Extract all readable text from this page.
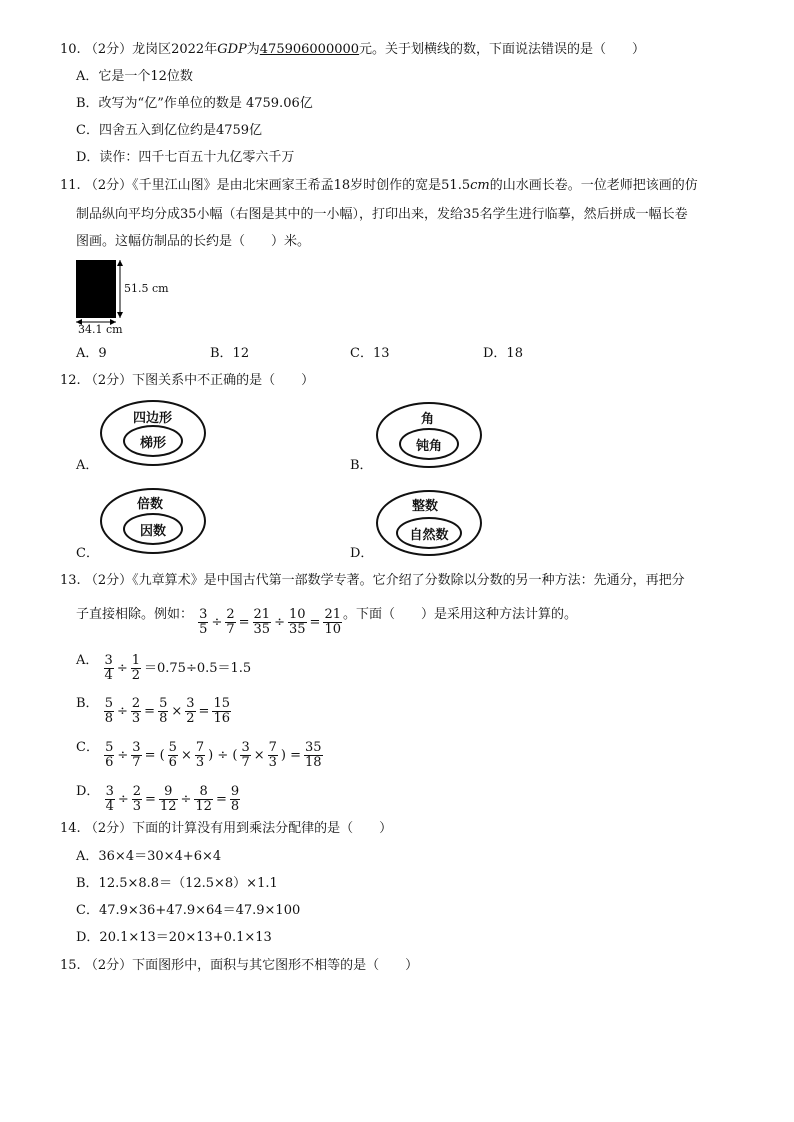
10. （2分）龙岗区2022年GDP为475906000000元。关于划横线的数，下面说法错误的是（　　）
A．它是一个12位数
B．改写为“亿”作单位的数是 4759.06亿
C．四舍五入到亿位约是4759亿
D．读作：四千七百五十九亿零六千万
11. （2分）《千里江山图》是由北宋画家王希孟18岁时创作的宽是51.5cm的山水画长卷。一位老师把该画的仿
制品纵向平均分成35小幅（右图是其中的一小幅），打印出来，发给35名学生进行临摹，然后拼成一幅长卷
图画。这幅仿制品的长约是（　　）米。
51.5 cm
34.1 cm
A．9	B．12	C．13	D．18
12. （2分）下图关系中不正确的是（　　）
A．
四边形
梯形
B．
角
钝角
C．
倍数
因数
D．
整数
自然数
13. （2分）《九章算术》是中国古代第一部数学专著。它介绍了分数除以分数的另一种方法：先通分，再把分
子直接相除。例如： $\frac{3}{5} \div \frac{2}{7} = \frac{21}{35} \div \frac{10}{35} = \frac{21}{10}$ 。下面（　　）是采用这种方法计算的。
A． $\frac{3}{4} \div \frac{1}{2} =0.75\div 0.5=1.5$
B． $\frac{5}{8} \div \frac{2}{3} = \frac{5}{8} \times \frac{3}{2} = \frac{15}{16}$
C． $\frac{5}{6} \div \frac{3}{7}$ = ( $\frac{5}{6} \times \frac{7}{3}$ ) ÷ ( $\frac{3}{7} \times \frac{7}{3}$ ) = $\frac{35}{18}$
D． $\frac{3}{4} \div \frac{2}{3} = \frac{9}{12} \div \frac{8}{12} = \frac{9}{8}$
14. （2分）下面的计算没有用到乘法分配律的是（　　）
A．36×4＝30×4+6×4
B．12.5×8.8＝（12.5×8）×1.1
C．47.9×36+47.9×64＝47.9×100
D．20.1×13＝20×13+0.1×13
15. （2分）下面图形中，面积与其它图形不相等的是（　　）
